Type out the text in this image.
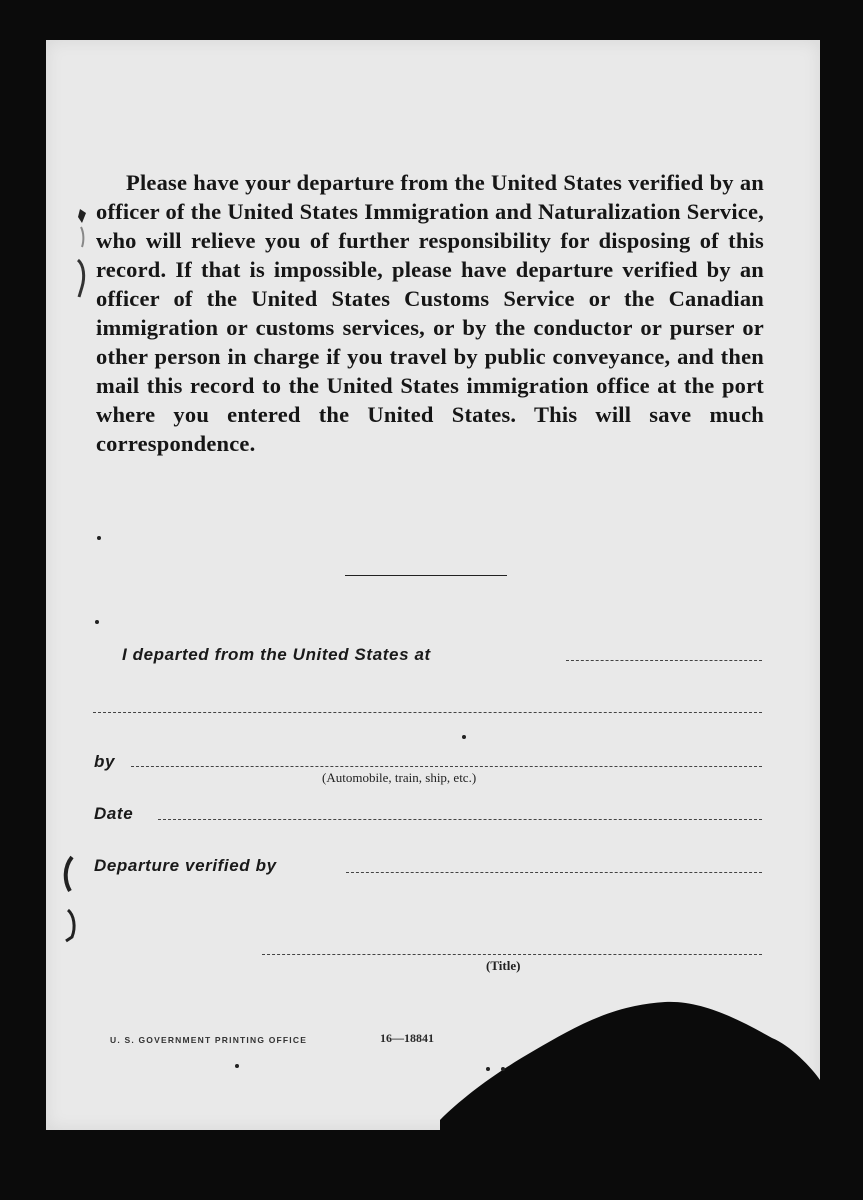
Please have your departure from the United States verified by an officer of the United States Immigration and Naturalization Service, who will relieve you of further responsibility for disposing of this record. If that is impossible, please have departure verified by an officer of the United States Customs Service or the Canadian immigration or customs services, or by the conductor or purser or other person in charge if you travel by public conveyance, and then mail this record to the United States immigration office at the port where you entered the United States. This will save much correspondence.

I departed from the United States at
by
(Automobile, train, ship, etc.)
Date
Departure verified by
(Title)
U. S. GOVERNMENT PRINTING OFFICE	16—18841
